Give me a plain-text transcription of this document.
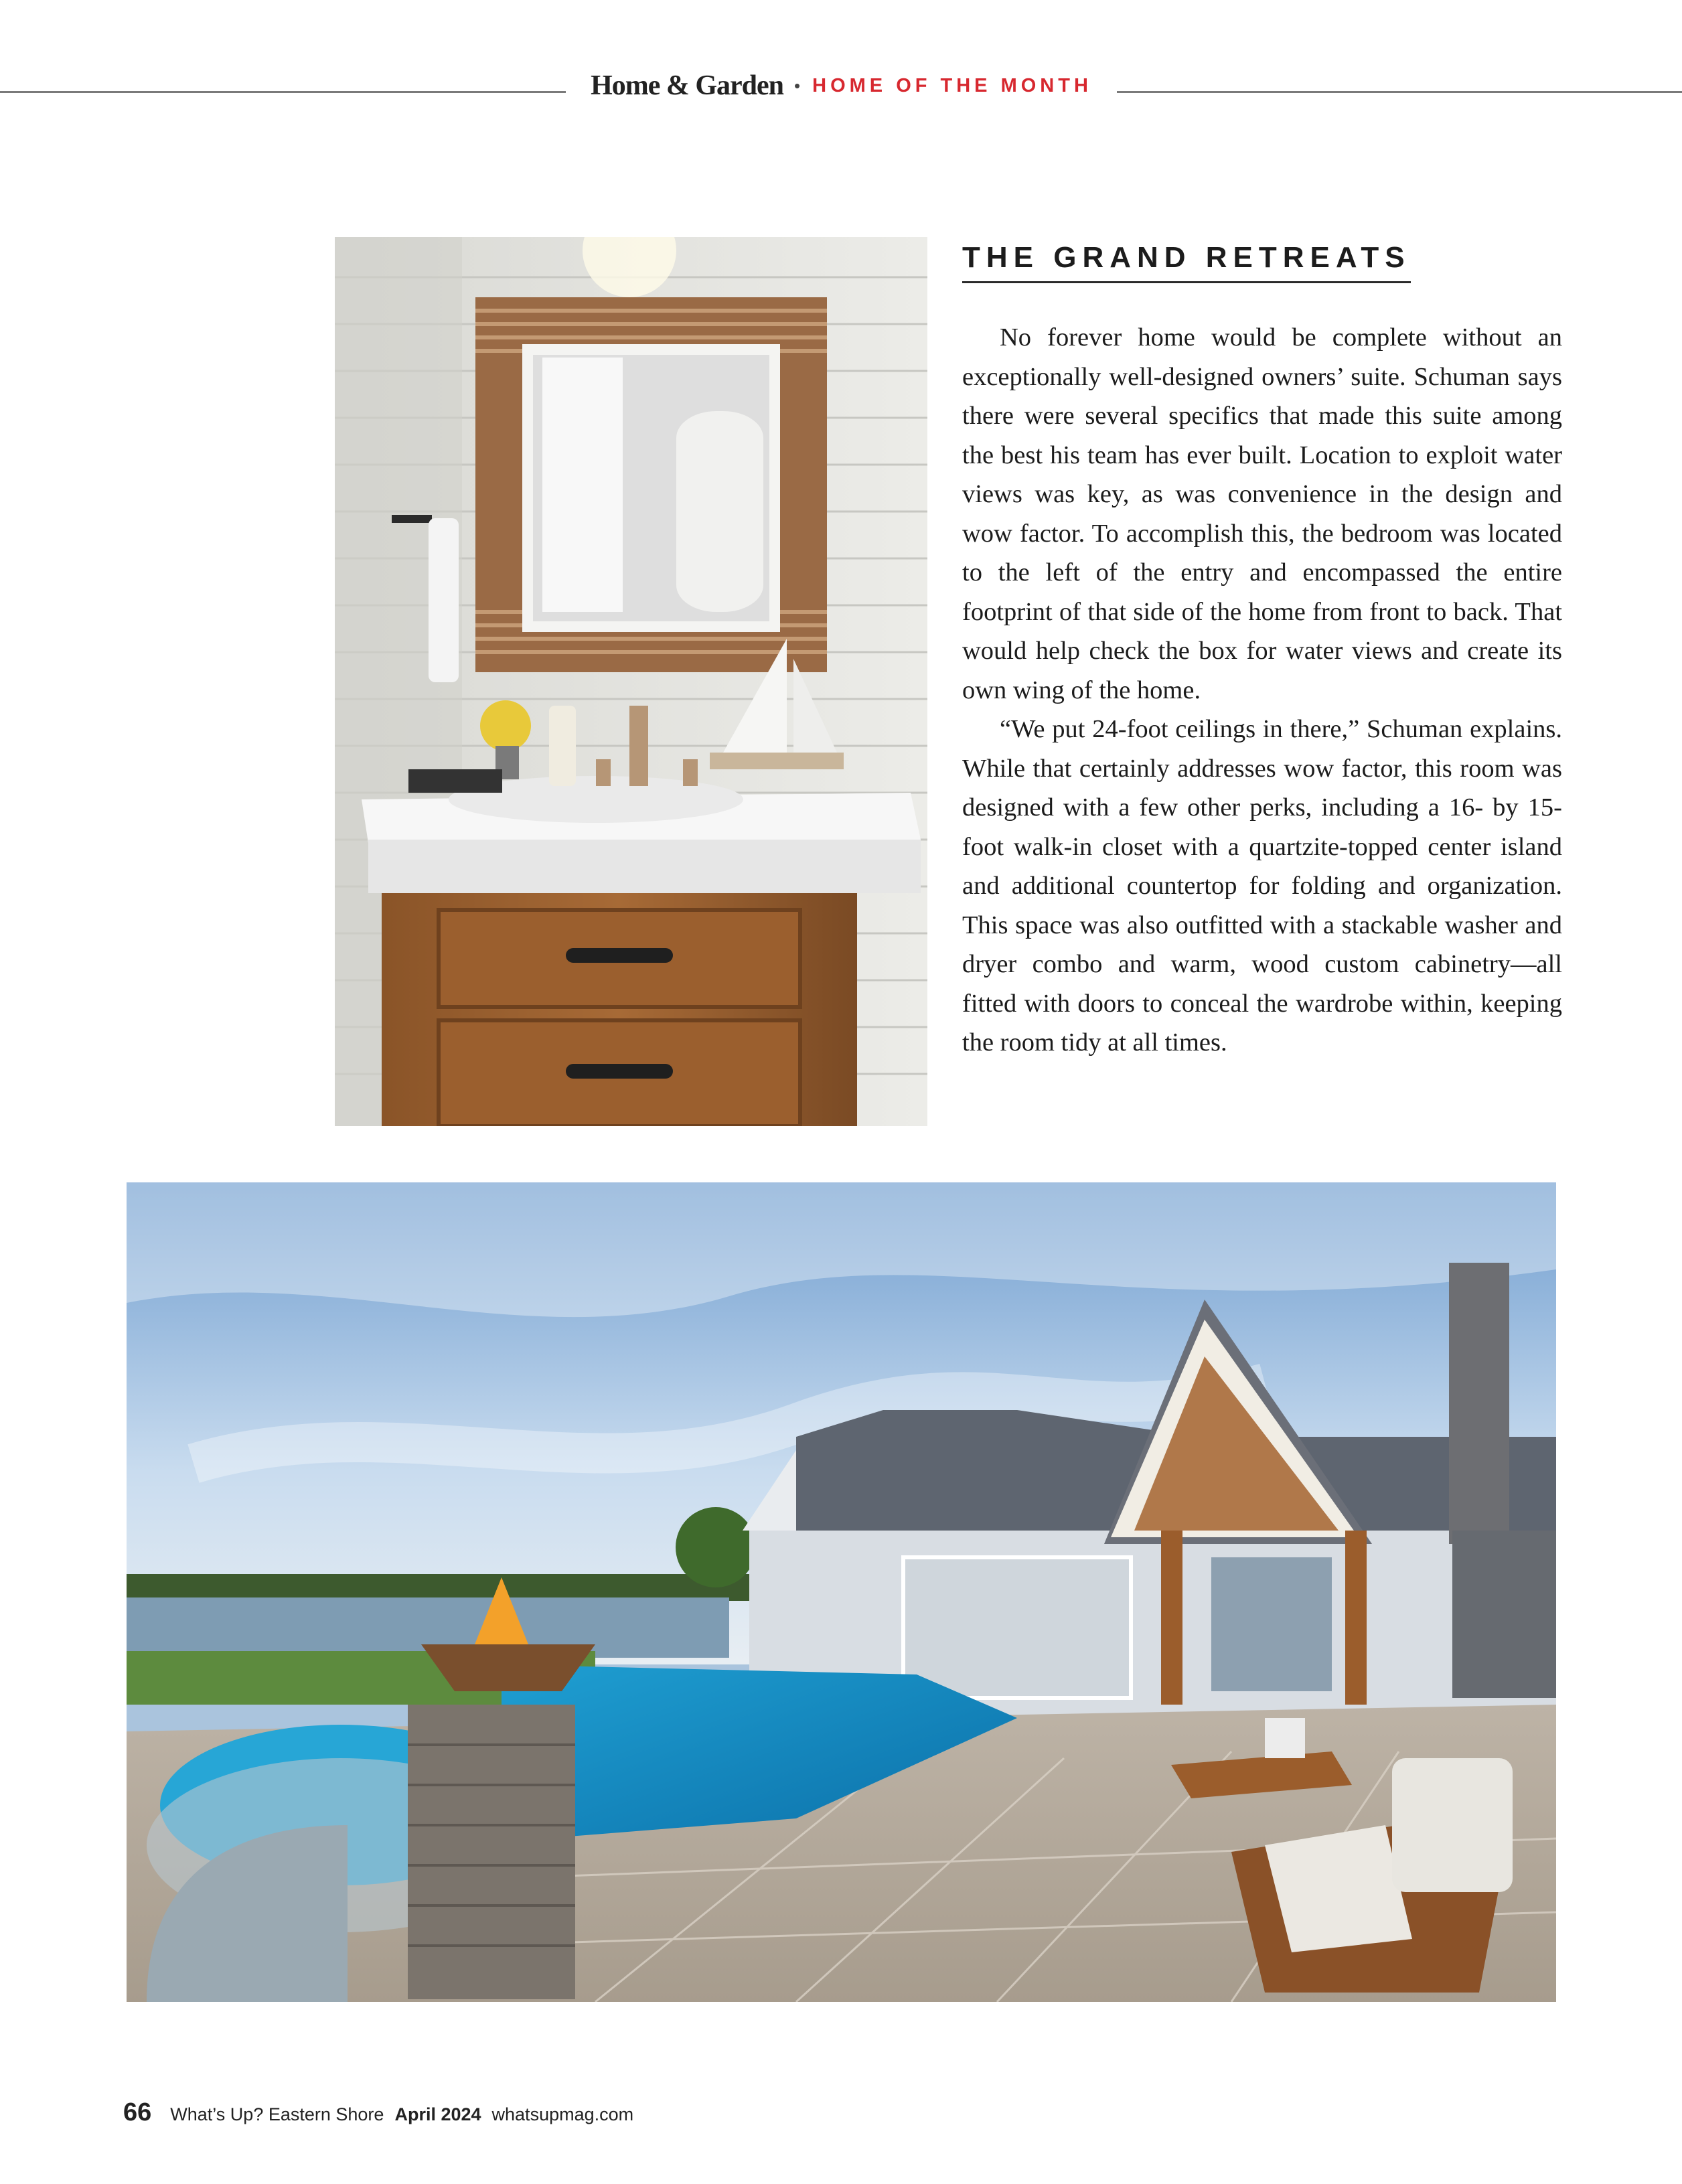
Home & Garden • HOME OF THE MONTH
THE GRAND RETREATS

No forever home would be complete without an exceptionally well-designed owners’ suite. Schuman says there were several specifics that made this suite among the best his team has ever built. Location to exploit water views was key, as was convenience in the design and wow factor. To accomplish this, the bedroom was located to the left of the entry and encompassed the entire footprint of that side of the home from front to back. That would help check the box for water views and create its own wing of the home.

“We put 24-foot ceilings in there,” Schuman explains. While that certainly addresses wow factor, this room was designed with a few other perks, including a 16- by 15-foot walk-in closet with a quartzite-topped center island and additional countertop for folding and organization. This space was also outfitted with a stackable washer and dryer combo and warm, wood custom cabinetry—all fitted with doors to conceal the wardrobe within, keeping the room tidy at all times.

66 What’s Up? Eastern Shore April 2024 whatsupmag.com
